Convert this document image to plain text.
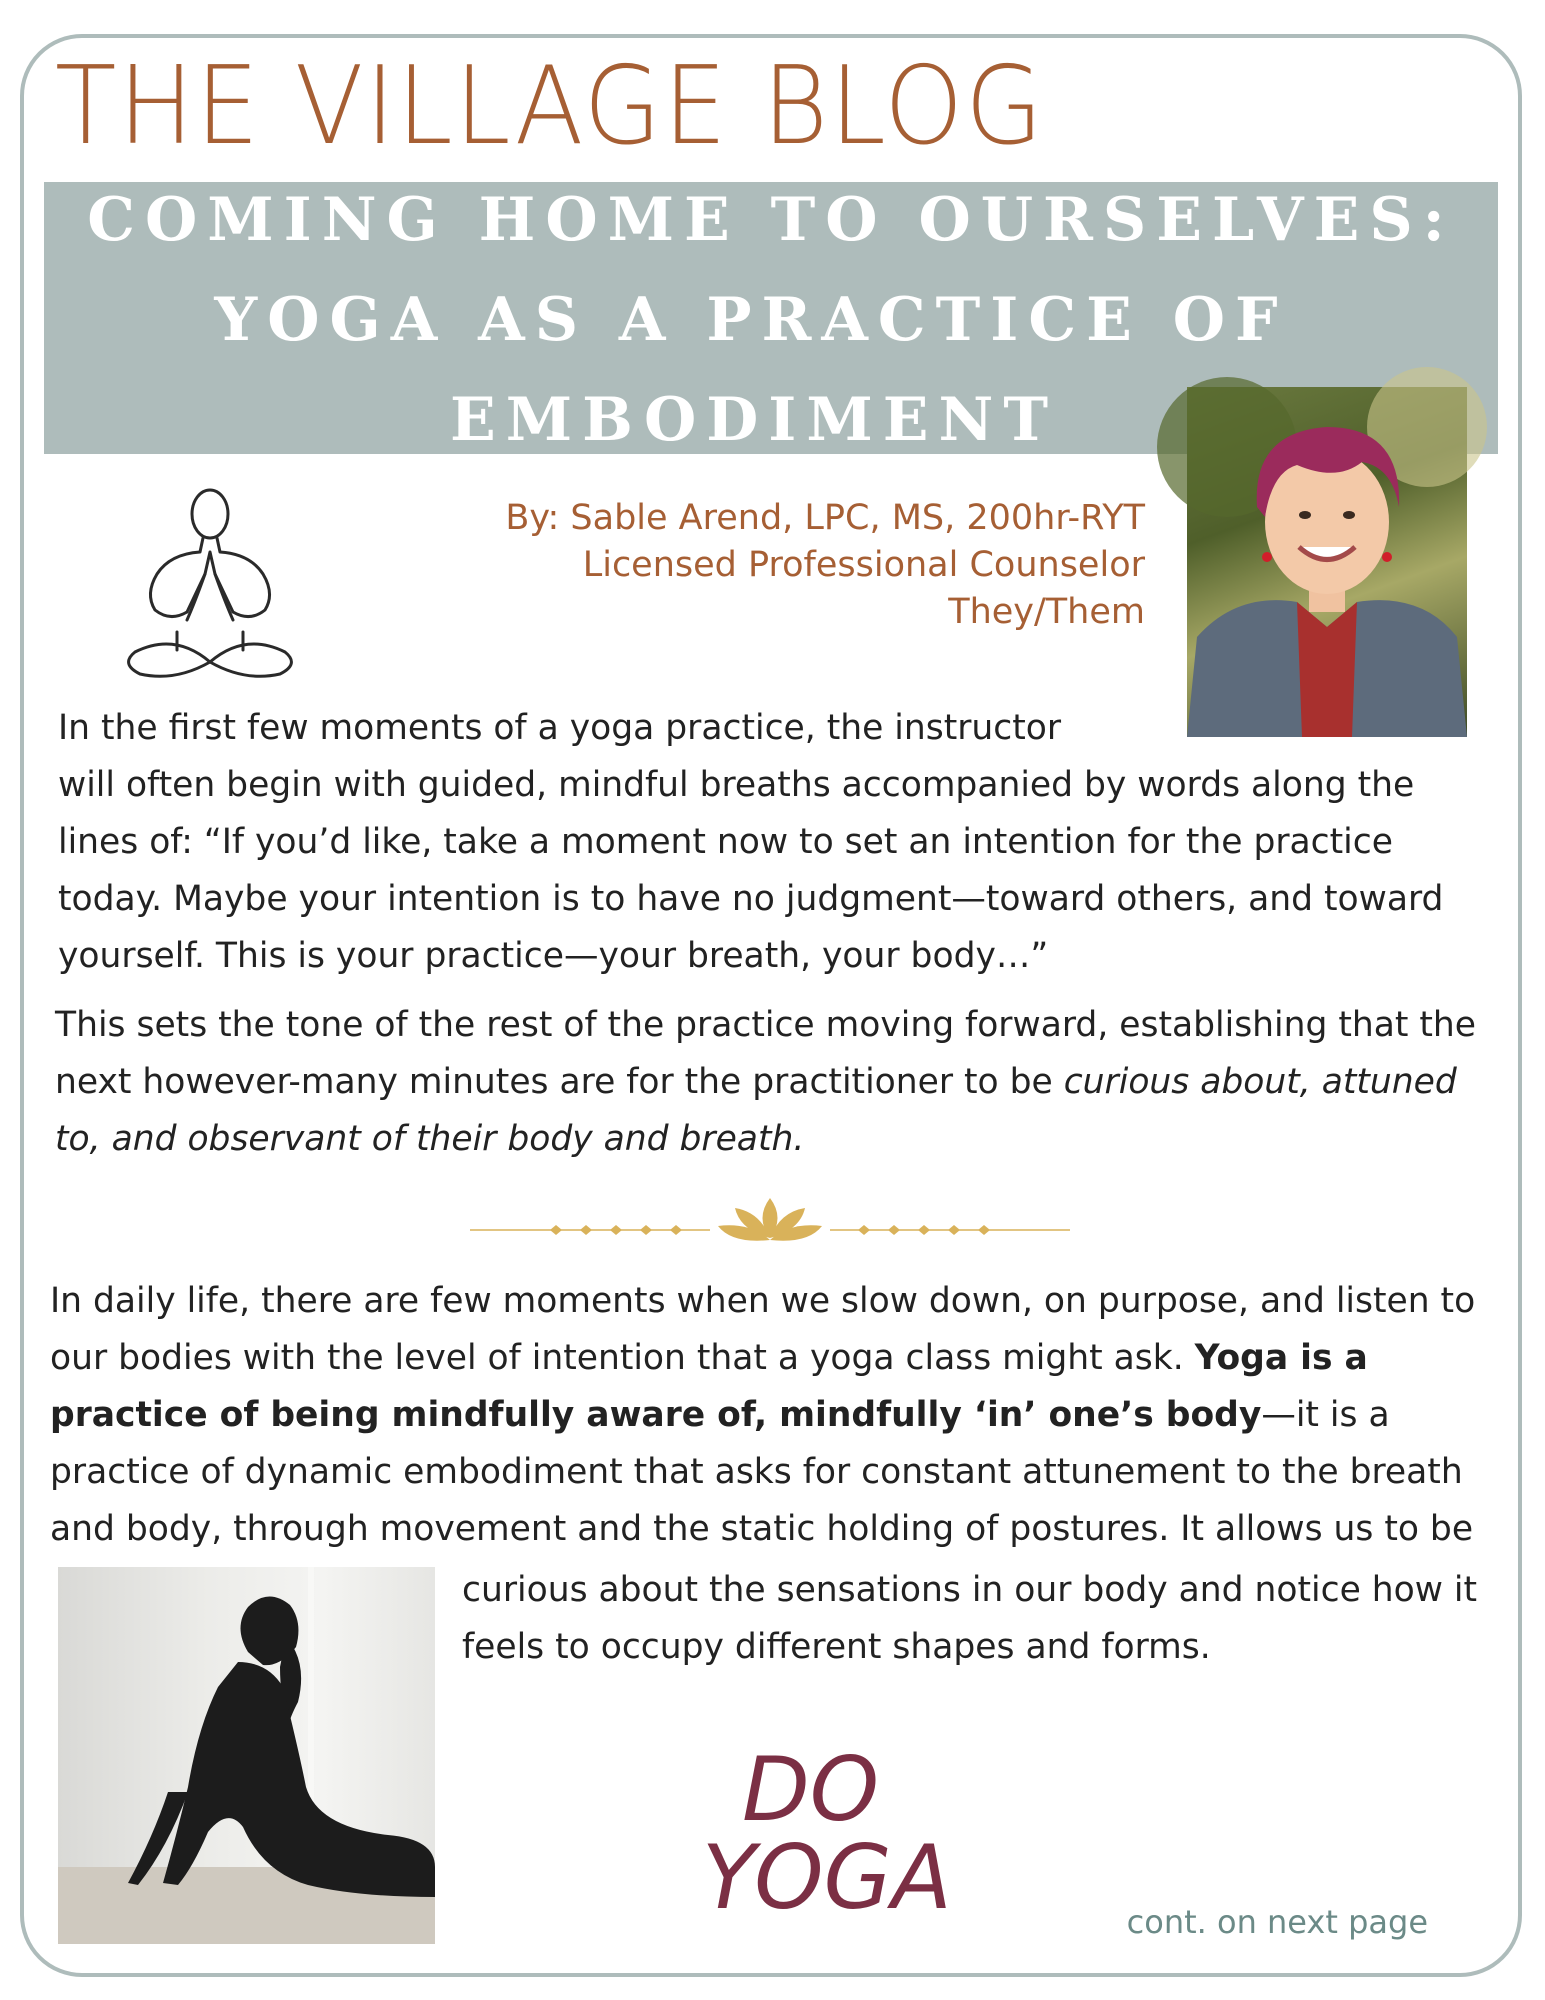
THE VILLAGE BLOG
COMING HOME TO OURSELVES:
YOGA AS A PRACTICE OF
EMBODIMENT
By: Sable Arend, LPC, MS, 200hr-RYT
Licensed Professional Counselor
They/Them
In the first few moments of a yoga practice, the instructor
will often begin with guided, mindful breaths accompanied by words along the lines of: “If you’d like, take a moment now to set an intention for the practice today. Maybe your intention is to have no judgment—toward others, and toward yourself. This is your practice—your breath, your body…”
This sets the tone of the rest of the practice moving forward, establishing that the next however-many minutes are for the practitioner to be curious about, attuned to, and observant of their body and breath.
In daily life, there are few moments when we slow down, on purpose, and listen to our bodies with the level of intention that a yoga class might ask. Yoga is a practice of being mindfully aware of, mindfully ‘in’ one’s body—it is a practice of dynamic embodiment that asks for constant attunement to the breath and body, through movement and the static holding of postures. It allows us to be
curious about the sensations in our body and notice how it feels to occupy different shapes and forms.
DO
YOGA	cont. on next page
